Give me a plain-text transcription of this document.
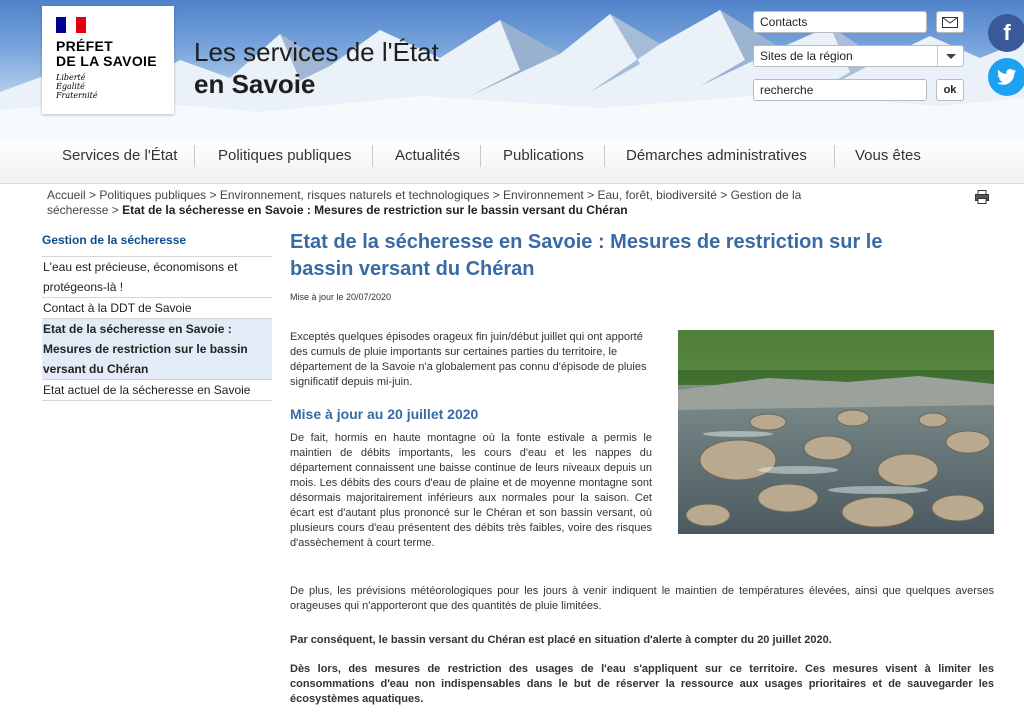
PRÉFET
DE LA SAVOIE
Liberté
Égalité
Fraternité
Les services de l'État
en Savoie
Contacts
Sites de la région
recherche	ok
f
Services de l'État	Politiques publiques	Actualités	Publications	Démarches administratives	Vous êtes
Accueil > Politiques publiques > Environnement, risques naturels et technologiques > Environnement > Eau, forêt, biodiversité > Gestion de la sécheresse > Etat de la sécheresse en Savoie : Mesures de restriction sur le bassin versant du Chéran
Gestion de la sécheresse
L'eau est précieuse, économisons et protégeons-là !
Contact à la DDT de Savoie
Etat de la sécheresse en Savoie : Mesures de restriction sur le bassin versant du Chéran
Etat actuel de la sécheresse en Savoie
Etat de la sécheresse en Savoie : Mesures de restriction sur le bassin versant du Chéran
Mise à jour le 20/07/2020

Exceptés quelques épisodes orageux fin juin/début juillet qui ont apporté des cumuls de pluie importants sur certaines parties du territoire, le département de la Savoie n'a globalement pas connu d'épisode de pluies significatif depuis mi-juin.

Mise à jour au 20 juillet 2020

De fait, hormis en haute montagne où la fonte estivale a permis le maintien de débits importants, les cours d'eau et les nappes du département connaissent une baisse continue de leurs niveaux depuis un mois. Les débits des cours d'eau de plaine et de moyenne montagne sont désormais majoritairement inférieurs aux normales pour la saison. Cet écart est d'autant plus prononcé sur le Chéran et son bassin versant, où plusieurs cours d'eau présentent des débits très faibles, voire des risques d'assèchement à court terme.

De plus, les prévisions météorologiques pour les jours à venir indiquent le maintien de températures élevées, ainsi que quelques averses orageuses qui n'apporteront que des quantités de pluie limitées.

Par conséquent, le bassin versant du Chéran est placé en situation d'alerte à compter du 20 juillet 2020.

Dès lors, des mesures de restriction des usages de l'eau s'appliquent sur ce territoire. Ces mesures visent à limiter les consommations d'eau non indispensables dans le but de réserver la ressource aux usages prioritaires et de sauvegarder les écosystèmes aquatiques.
